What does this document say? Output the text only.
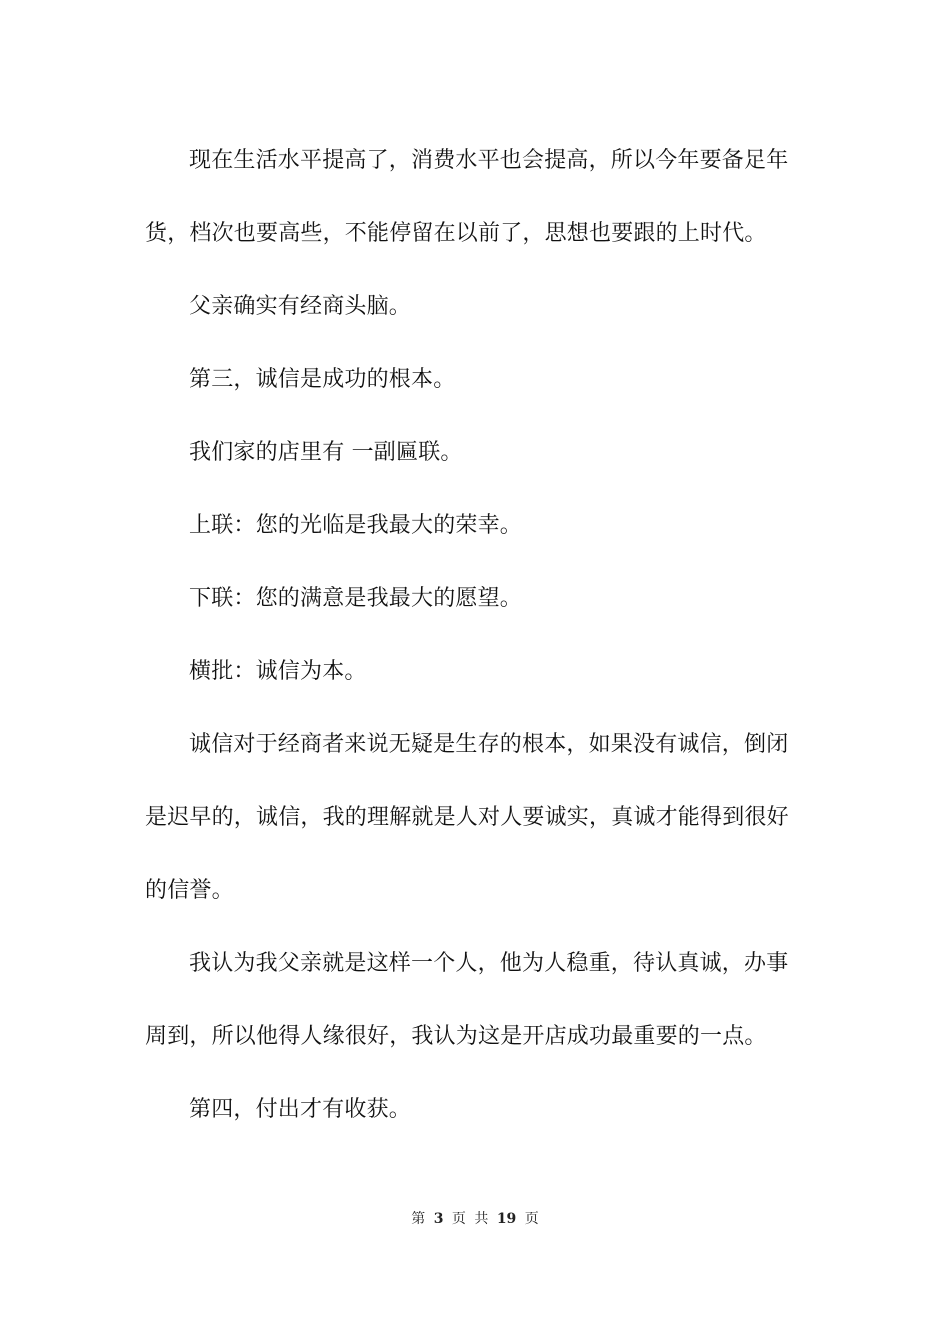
现在生活水平提高了，消费水平也会提高，所以今年要备足年货，档次也要高些，不能停留在以前了，思想也要跟的上时代。

父亲确实有经商头脑。

第三，诚信是成功的根本。

我们家的店里有 一副匾联。

上联：您的光临是我最大的荣幸。

下联：您的满意是我最大的愿望。

横批：诚信为本。

诚信对于经商者来说无疑是生存的根本，如果没有诚信，倒闭是迟早的，诚信，我的理解就是人对人要诚实，真诚才能得到很好的信誉。

我认为我父亲就是这样一个人，他为人稳重，待认真诚，办事周到，所以他得人缘很好，我认为这是开店成功最重要的一点。

第四，付出才有收获。

第 3 页 共 19 页
